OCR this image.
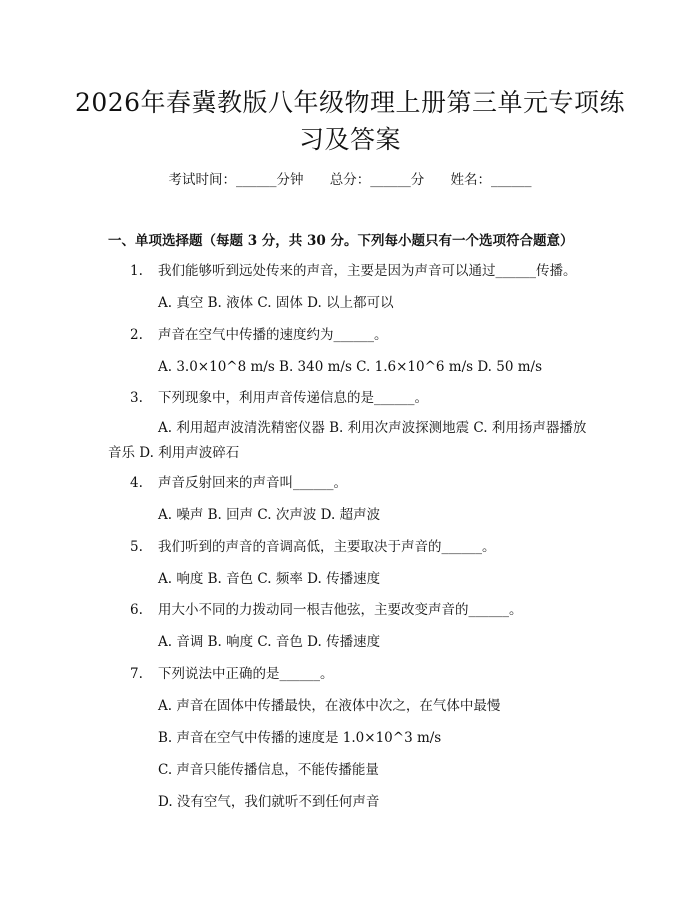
2026年春冀教版八年级物理上册第三单元专项练习及答案
考试时间：______分钟 总分：______分 姓名：______
一、单项选择题（每题 3 分，共 30 分。下列每小题只有一个选项符合题意）
1. 我们能够听到远处传来的声音，主要是因为声音可以通过______传播。
A. 真空 B. 液体 C. 固体 D. 以上都可以
2. 声音在空气中传播的速度约为______。
A. 3.0×10^8 m/s B. 340 m/s C. 1.6×10^6 m/s D. 50 m/s
3. 下列现象中，利用声音传递信息的是______。
A. 利用超声波清洗精密仪器 B. 利用次声波探测地震 C. 利用扬声器播放音乐 D. 利用声波碎石
4. 声音反射回来的声音叫______。
A. 噪声 B. 回声 C. 次声波 D. 超声波
5. 我们听到的声音的音调高低，主要取决于声音的______。
A. 响度 B. 音色 C. 频率 D. 传播速度
6. 用大小不同的力拨动同一根吉他弦，主要改变声音的______。
A. 音调 B. 响度 C. 音色 D. 传播速度
7. 下列说法中正确的是______。
A. 声音在固体中传播最快，在液体中次之，在气体中最慢
B. 声音在空气中传播的速度是 1.0×10^3 m/s
C. 声音只能传播信息，不能传播能量
D. 没有空气，我们就听不到任何声音
